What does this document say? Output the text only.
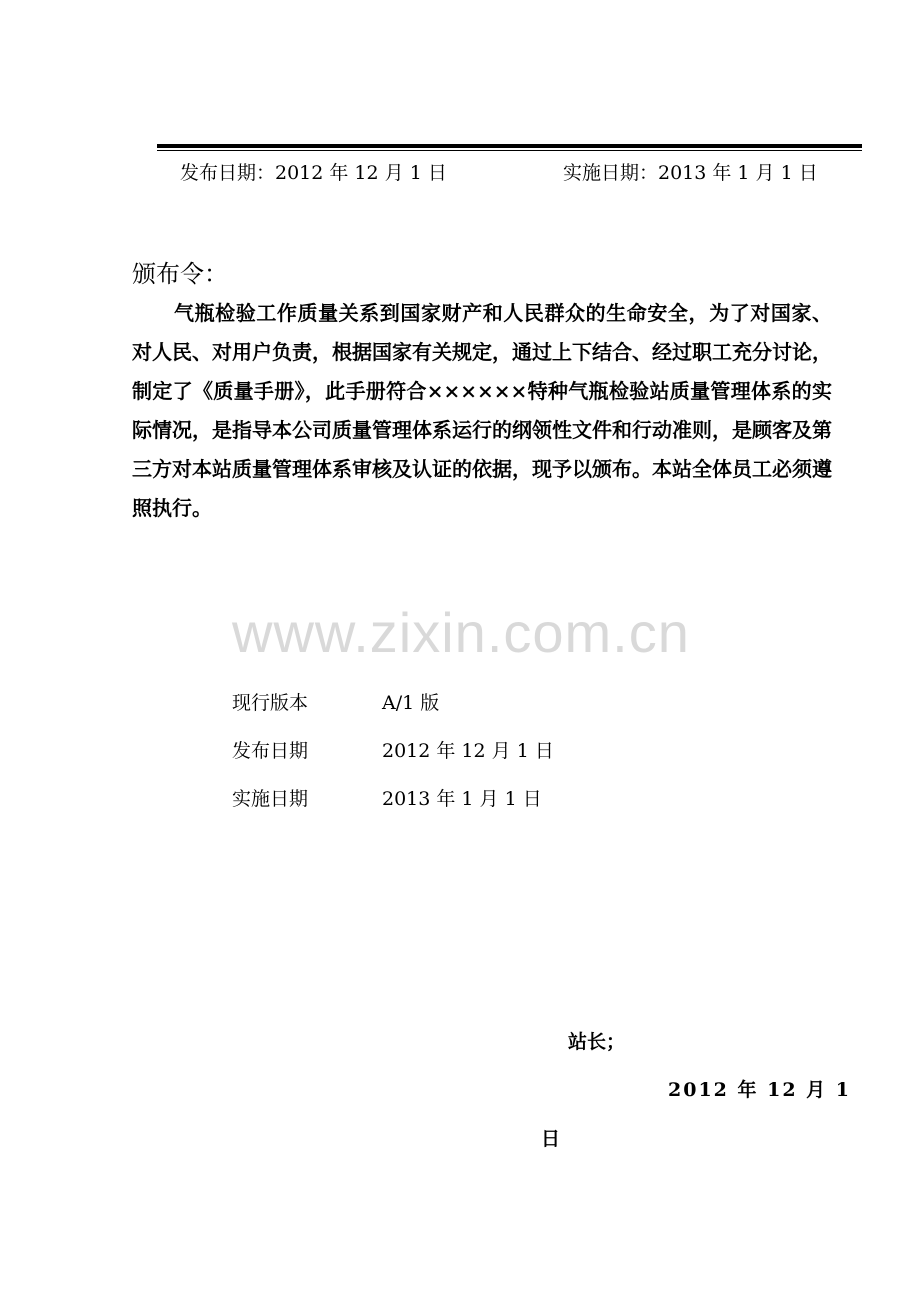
发布日期：2012 年 12 月 1 日	实施日期：2013 年 1 月 1 日
颁布令：
气瓶检验工作质量关系到国家财产和人民群众的生命安全，为了对国家、对人民、对用户负责，根据国家有关规定，通过上下结合、经过职工充分讨论，制定了《质量手册》，此手册符合××××××特种气瓶检验站质量管理体系的实际情况，是指导本公司质量管理体系运行的纲领性文件和行动准则，是顾客及第三方对本站质量管理体系审核及认证的依据，现予以颁布。本站全体员工必须遵照执行。
www.zixin.com.cn
现行版本	A/1 版
发布日期	2012 年 12 月 1 日
实施日期	2013 年 1 月 1 日
站长；
2012 年 12 月 1
日
